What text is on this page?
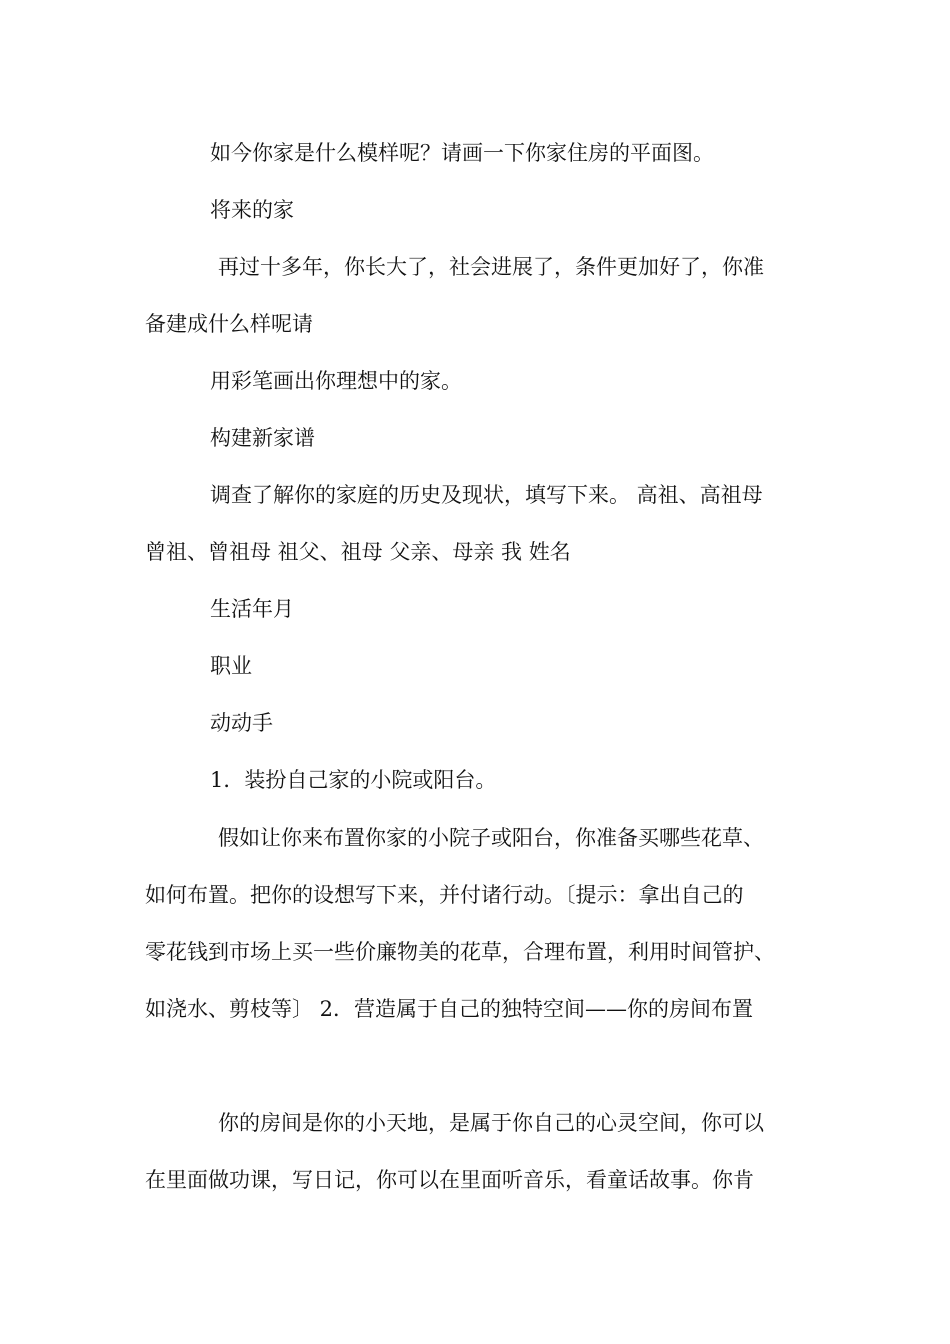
如今你家是什么模样呢？请画一下你家住房的平面图。
将来的家
再过十多年，你长大了，社会进展了，条件更加好了，你准
备建成什么样呢请
用彩笔画出你理想中的家。
构建新家谱
调查了解你的家庭的历史及现状，填写下来。 高祖、高祖母
曾祖、曾祖母 祖父、祖母 父亲、母亲 我 姓名
生活年月
职业
动动手
1．装扮自己家的小院或阳台。
假如让你来布置你家的小院子或阳台，你准备买哪些花草、
如何布置。把你的设想写下来，并付诸行动。〔提示：拿出自己的
零花钱到市场上买一些价廉物美的花草，合理布置，利用时间管护、
如浇水、剪枝等〕 2．营造属于自己的独特空间——你的房间布置
你的房间是你的小天地，是属于你自己的心灵空间，你可以
在里面做功课，写日记，你可以在里面听音乐，看童话故事。你肯
